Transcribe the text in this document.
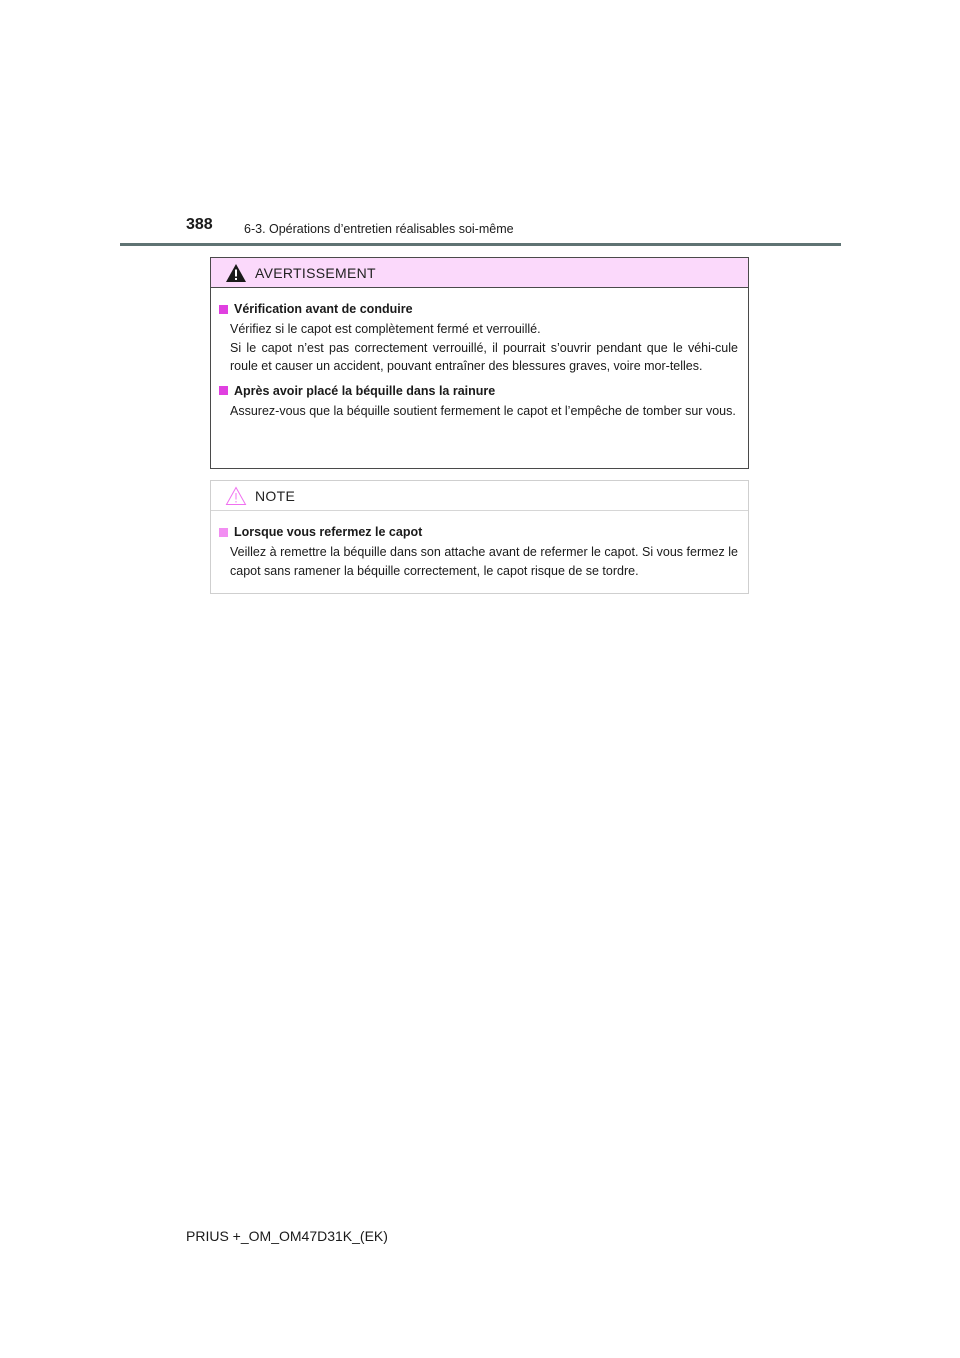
388	6-3. Opérations d’entretien réalisables soi-même
AVERTISSEMENT
Vérification avant de conduire

Vérifiez si le capot est complètement fermé et verrouillé.

Si le capot n’est pas correctement verrouillé, il pourrait s’ouvrir pendant que le véhi-cule roule et causer un accident, pouvant entraîner des blessures graves, voire mor-telles.

Après avoir placé la béquille dans la rainure

Assurez-vous que la béquille soutient fermement le capot et l’empêche de tomber sur vous.

NOTE
Lorsque vous refermez le capot

Veillez à remettre la béquille dans son attache avant de refermer le capot. Si vous fermez le capot sans ramener la béquille correctement, le capot risque de se tordre.

PRIUS +_OM_OM47D31K_(EK)
